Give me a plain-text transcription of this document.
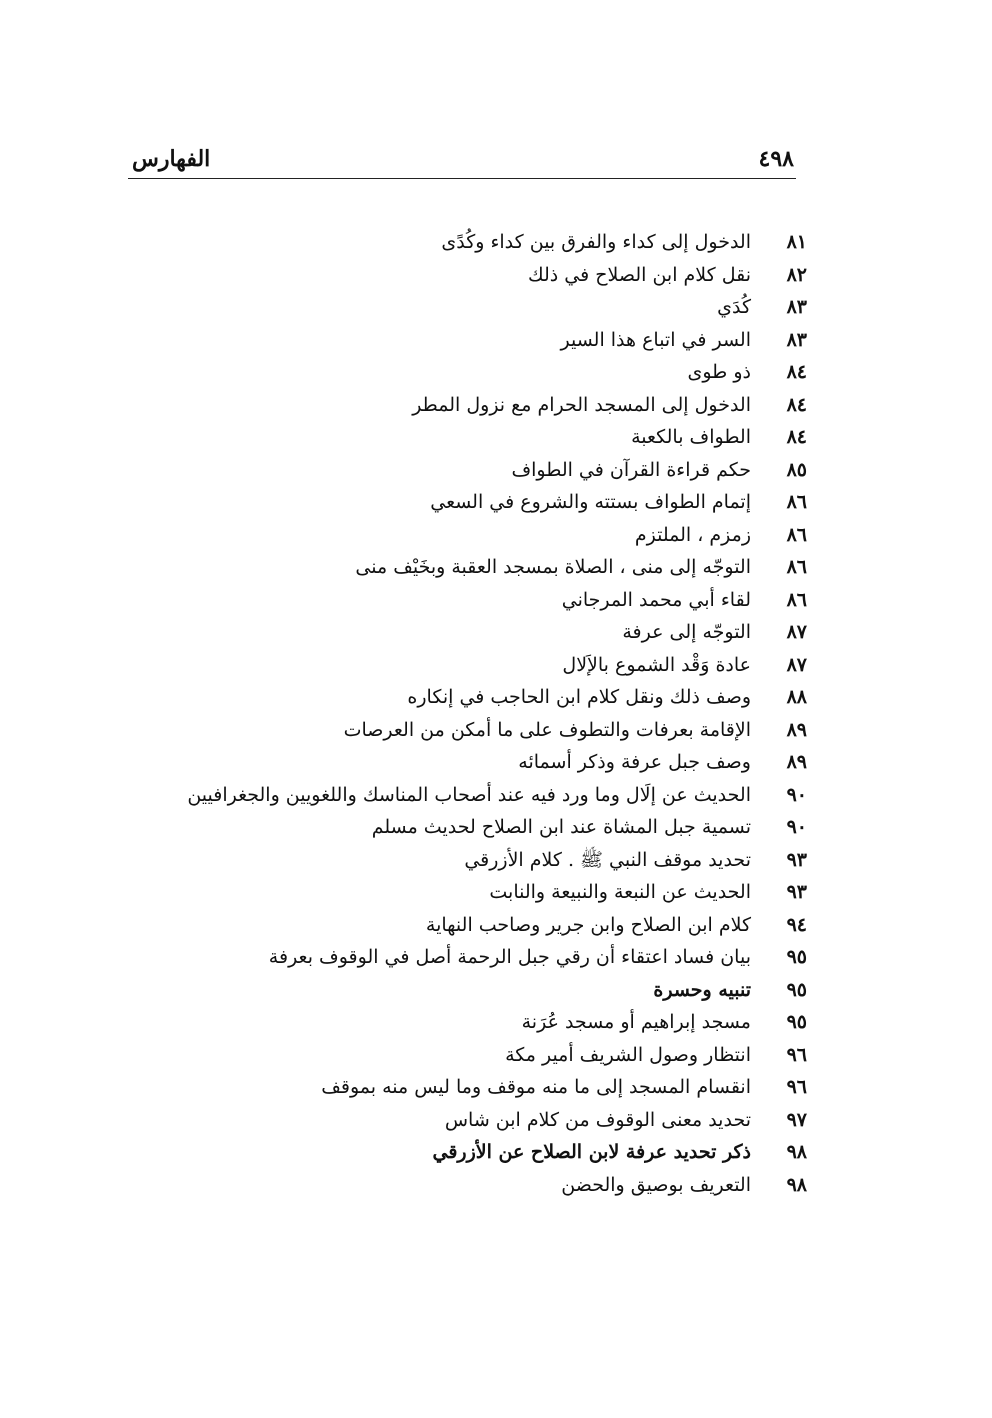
٤٩٨
الفهارس
٨١الدخول إلى كداء والفرق بين كداء وكُدًى
٨٢نقل كلام ابن الصلاح في ذلك
٨٣كُدَي
٨٣السر في اتباع هذا السير
٨٤ذو طوى
٨٤الدخول إلى المسجد الحرام مع نزول المطر
٨٤الطواف بالكعبة
٨٥حكم قراءة القرآن في الطواف
٨٦إتمام الطواف بستته والشروع في السعي
٨٦زمزم ، الملتزم
٨٦التوجّه إلى منى ، الصلاة بمسجد العقبة وبخَيْف منى
٨٦لقاء أبي محمد المرجاني
٨٧التوجّه إلى عرفة
٨٧عادة وَقْد الشموع بالإَلال
٨٨وصف ذلك ونقل كلام ابن الحاجب في إنكاره
٨٩الإقامة بعرفات والتطوف على ما أمكن من العرصات
٨٩وصف جبل عرفة وذكر أسمائه
٩٠الحديث عن إلَال وما ورد فيه عند أصحاب المناسك واللغويين والجغرافيين
٩٠تسمية جبل المشاة عند ابن الصلاح لحديث مسلم
٩٣تحديد موقف النبي ﷺ . كلام الأزرقي
٩٣الحديث عن النبعة والنبيعة والنابت
٩٤كلام ابن الصلاح وابن جرير وصاحب النهاية
٩٥بيان فساد اعتقاء أن رقي جبل الرحمة أصل في الوقوف بعرفة
٩٥تنبيه وحسرة
٩٥مسجد إبراهيم أو مسجد عُرَنة
٩٦انتظار وصول الشريف أمير مكة
٩٦انقسام المسجد إلى ما منه موقف وما ليس منه بموقف
٩٧تحديد معنى الوقوف من كلام ابن شاس
٩٨ذكر تحديد عرفة لابن الصلاح عن الأزرقي
٩٨التعريف بوصيق والحضن
